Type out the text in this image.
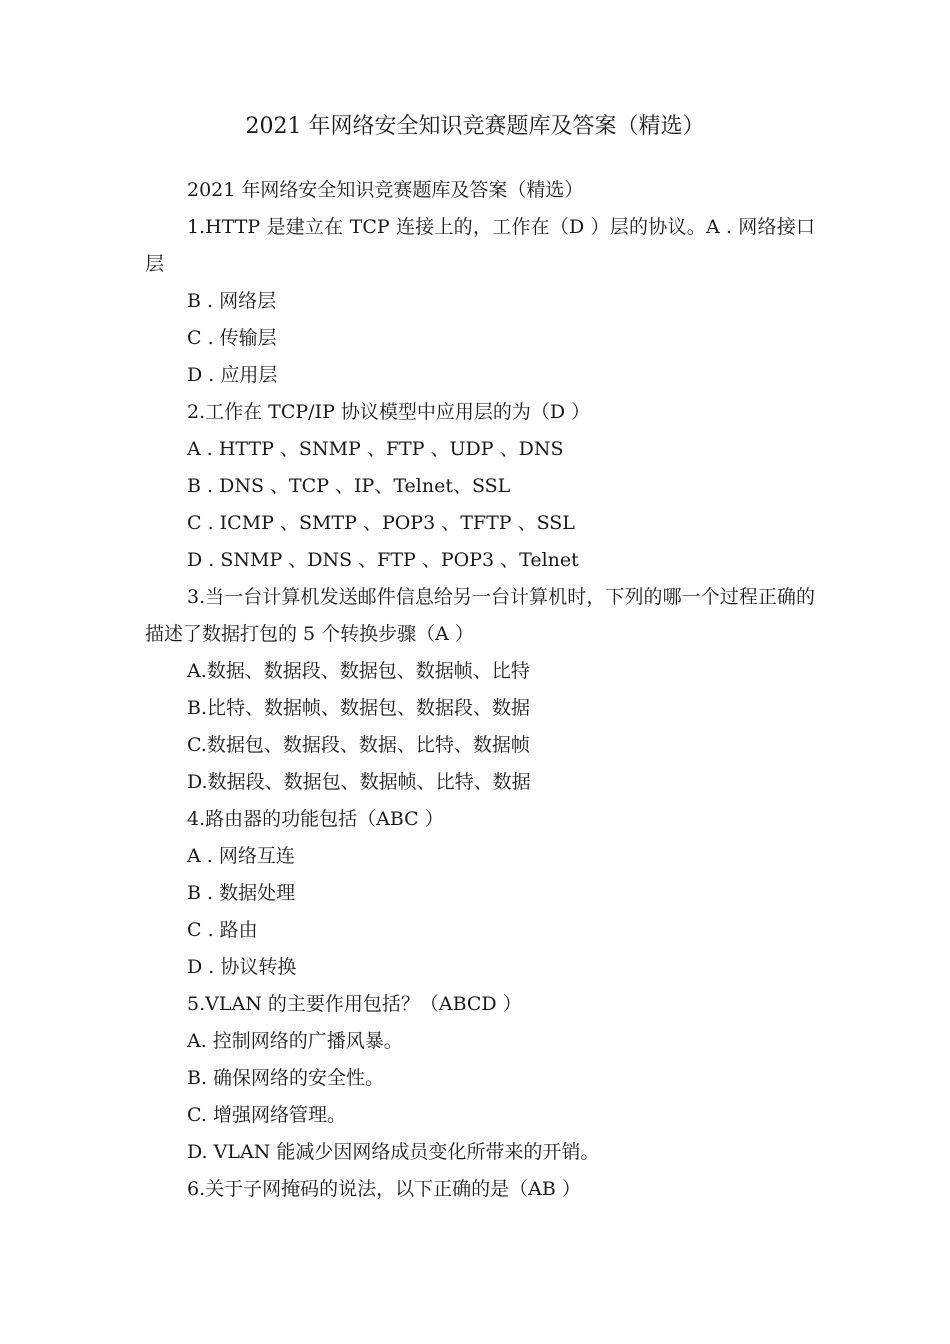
2021 年网络安全知识竞赛题库及答案（精选）
2021 年网络安全知识竞赛题库及答案（精选）
1.HTTP 是建立在 TCP 连接上的，工作在（D ）层的协议。A . 网络接口层
B . 网络层
C . 传输层
D . 应用层
2.工作在 TCP/IP 协议模型中应用层的为（D ）
A . HTTP 、SNMP 、FTP 、UDP 、DNS
B . DNS 、TCP 、IP、Telnet、SSL
C . ICMP 、SMTP 、POP3 、TFTP 、SSL
D . SNMP 、DNS 、FTP 、POP3 、Telnet
3.当一台计算机发送邮件信息给另一台计算机时，下列的哪一个过程正确的描述了数据打包的 5 个转换步骤（A ）
A.数据、数据段、数据包、数据帧、比特
B.比特、数据帧、数据包、数据段、数据
C.数据包、数据段、数据、比特、数据帧
D.数据段、数据包、数据帧、比特、数据
4.路由器的功能包括（ABC ）
A . 网络互连
B . 数据处理
C . 路由
D . 协议转换
5.VLAN 的主要作用包括？（ABCD ）
A. 控制网络的广播风暴。
B. 确保网络的安全性。
C. 增强网络管理。
D. VLAN 能减少因网络成员变化所带来的开销。
6.关于子网掩码的说法，以下正确的是（AB ）
